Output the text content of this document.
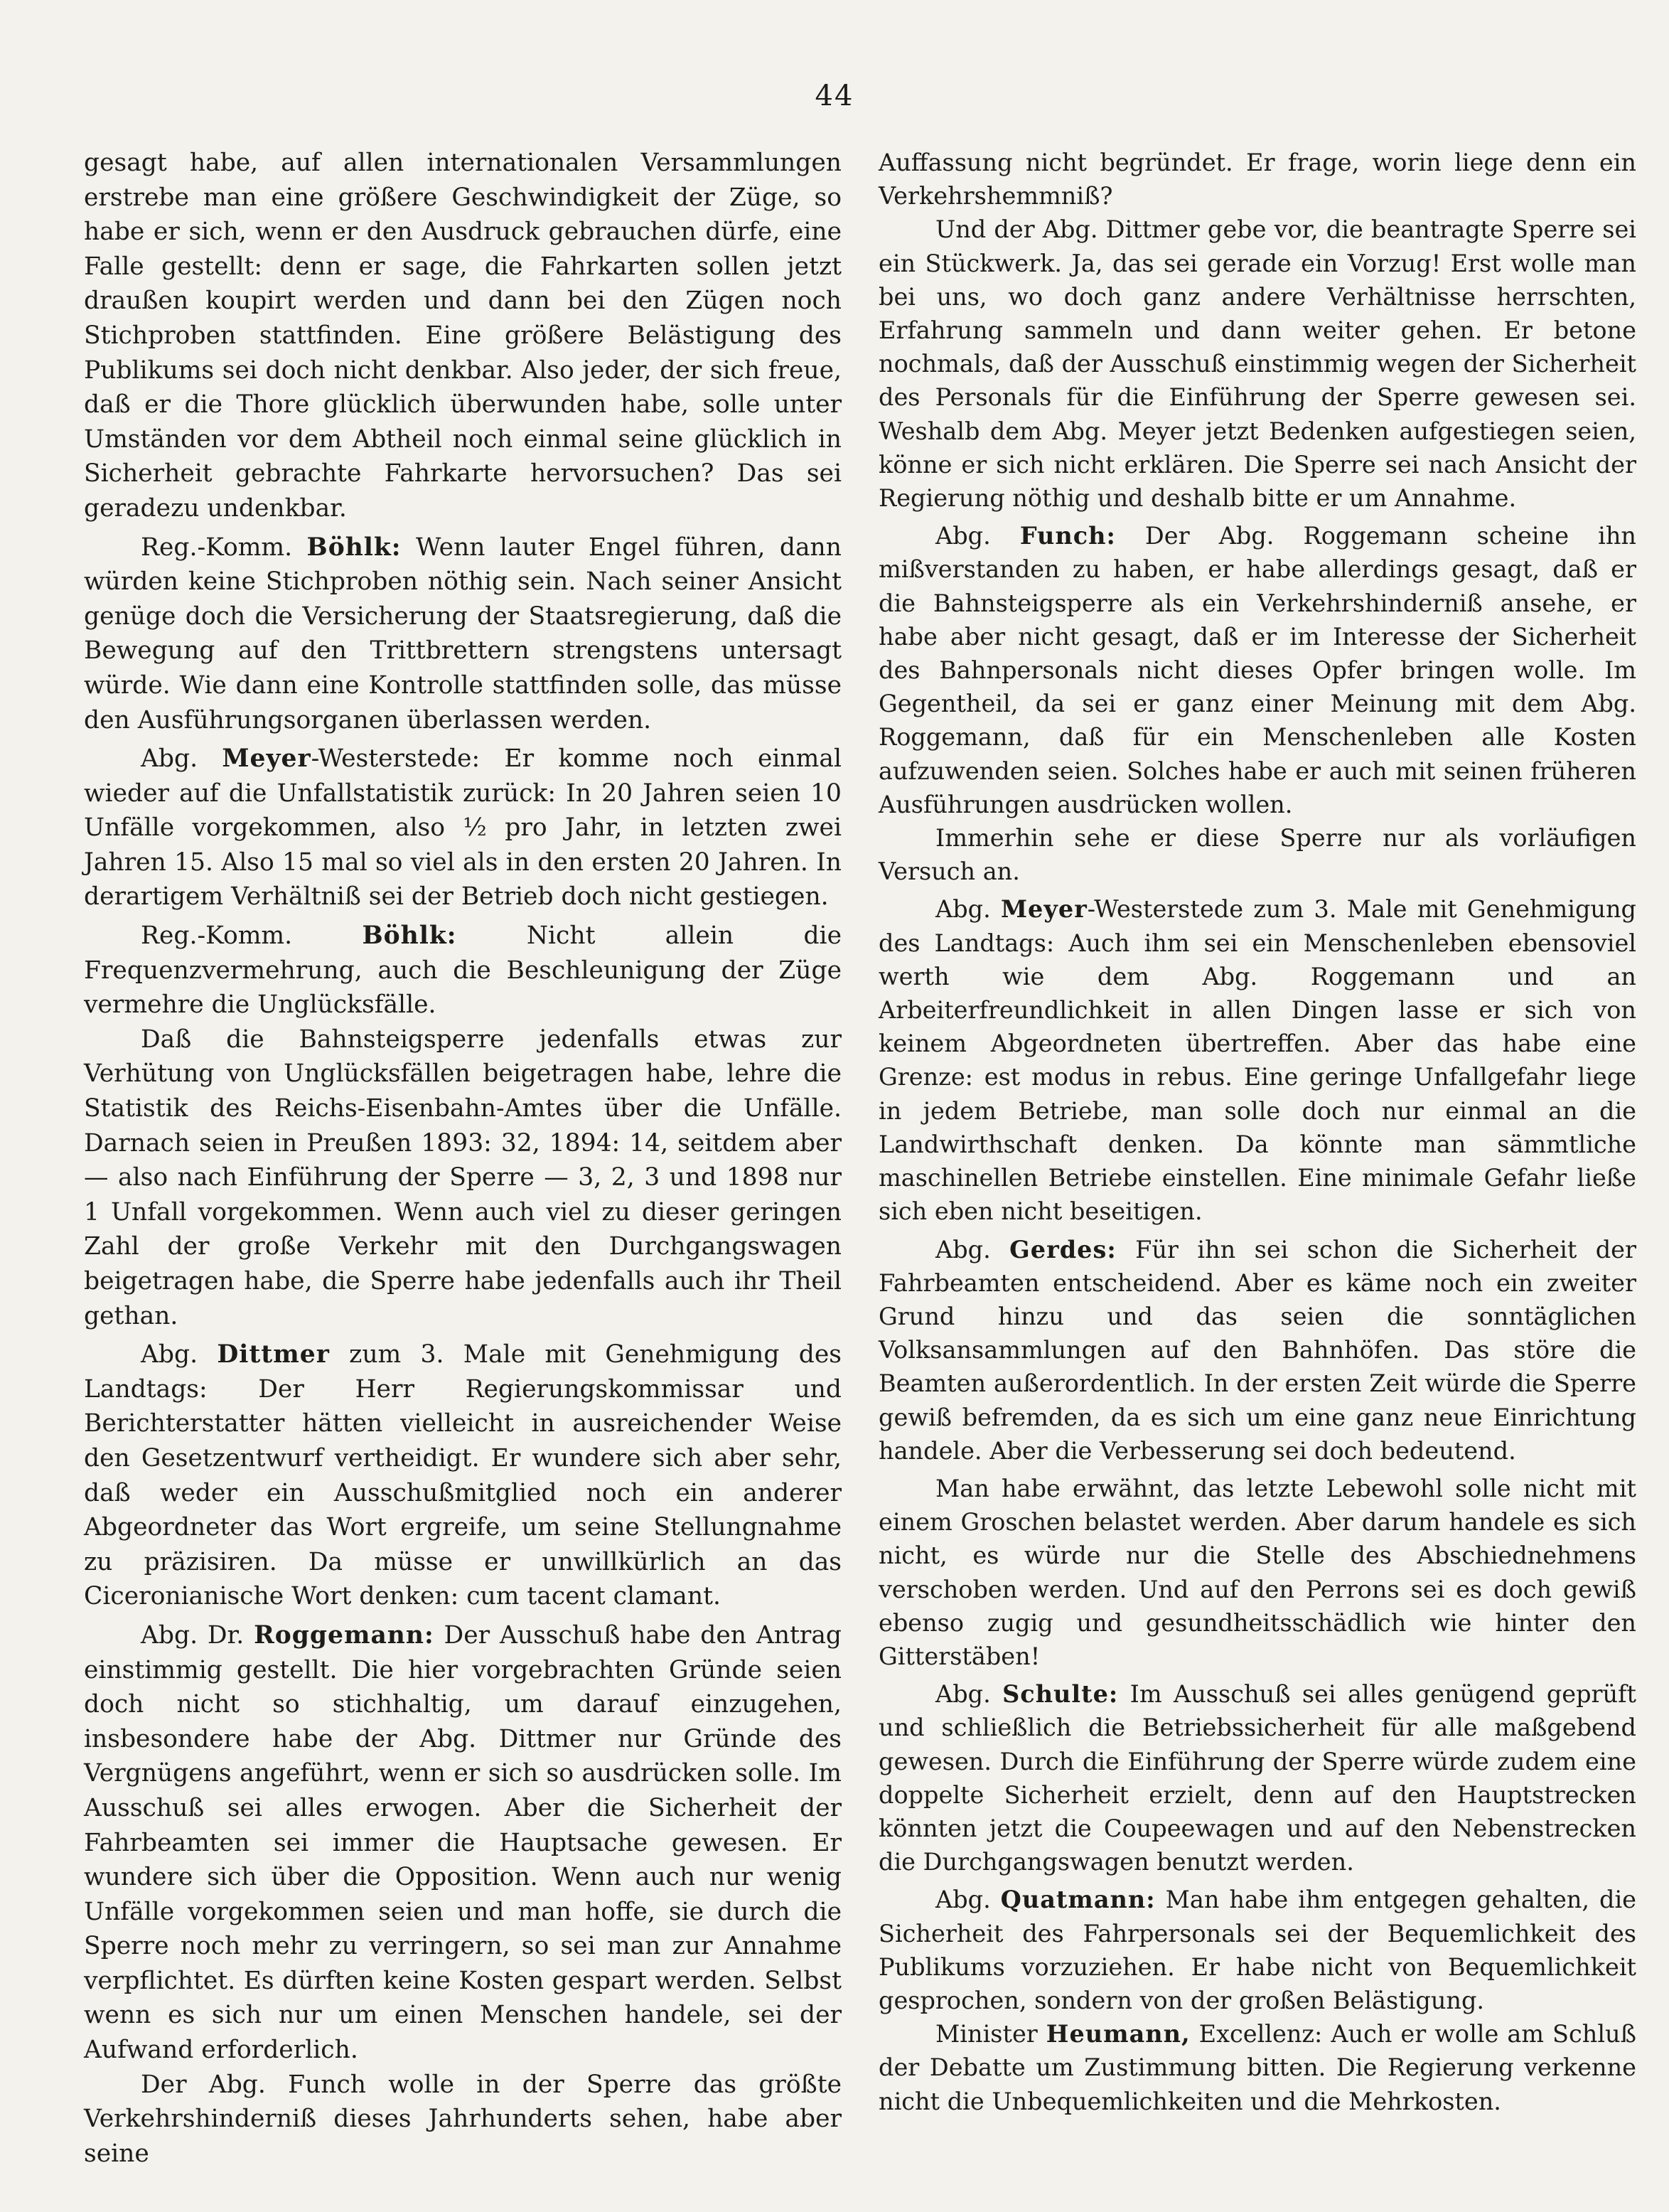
44

gesagt habe, auf allen internationalen Versammlungen erstrebe man eine größere Geschwindigkeit der Züge, so habe er sich, wenn er den Ausdruck gebrauchen dürfe, eine Falle gestellt: denn er sage, die Fahrkarten sollen jetzt draußen koupirt werden und dann bei den Zügen noch Stichproben stattfinden. Eine größere Belästigung des Publikums sei doch nicht denkbar. Also jeder, der sich freue, daß er die Thore glücklich überwunden habe, solle unter Umständen vor dem Abtheil noch einmal seine glücklich in Sicherheit gebrachte Fahrkarte hervorsuchen? Das sei geradezu undenkbar.

Reg.-Komm. Böhlk: Wenn lauter Engel führen, dann würden keine Stichproben nöthig sein. Nach seiner Ansicht genüge doch die Versicherung der Staatsregierung, daß die Bewegung auf den Trittbrettern strengstens untersagt würde. Wie dann eine Kontrolle stattfinden solle, das müsse den Ausführungsorganen überlassen werden.

Abg. Meyer-Westerstede: Er komme noch einmal wieder auf die Unfallstatistik zurück: In 20 Jahren seien 10 Unfälle vorgekommen, also ½ pro Jahr, in letzten zwei Jahren 15. Also 15 mal so viel als in den ersten 20 Jahren. In derartigem Verhältniß sei der Betrieb doch nicht gestiegen.

Reg.-Komm. Böhlk: Nicht allein die Frequenzvermehrung, auch die Beschleunigung der Züge vermehre die Unglücksfälle.

Daß die Bahnsteigsperre jedenfalls etwas zur Verhütung von Unglücksfällen beigetragen habe, lehre die Statistik des Reichs-Eisenbahn-Amtes über die Unfälle. Darnach seien in Preußen 1893: 32, 1894: 14, seitdem aber — also nach Einführung der Sperre — 3, 2, 3 und 1898 nur 1 Unfall vorgekommen. Wenn auch viel zu dieser geringen Zahl der große Verkehr mit den Durchgangswagen beigetragen habe, die Sperre habe jedenfalls auch ihr Theil gethan.

Abg. Dittmer zum 3. Male mit Genehmigung des Landtags: Der Herr Regierungskommissar und Berichterstatter hätten vielleicht in ausreichender Weise den Gesetzentwurf vertheidigt. Er wundere sich aber sehr, daß weder ein Ausschußmitglied noch ein anderer Abgeordneter das Wort ergreife, um seine Stellungnahme zu präzisiren. Da müsse er unwillkürlich an das Ciceronianische Wort denken: cum tacent clamant.

Abg. Dr. Roggemann: Der Ausschuß habe den Antrag einstimmig gestellt. Die hier vorgebrachten Gründe seien doch nicht so stichhaltig, um darauf einzugehen, insbesondere habe der Abg. Dittmer nur Gründe des Vergnügens angeführt, wenn er sich so ausdrücken solle. Im Ausschuß sei alles erwogen. Aber die Sicherheit der Fahrbeamten sei immer die Hauptsache gewesen. Er wundere sich über die Opposition. Wenn auch nur wenig Unfälle vorgekommen seien und man hoffe, sie durch die Sperre noch mehr zu verringern, so sei man zur Annahme verpflichtet. Es dürften keine Kosten gespart werden. Selbst wenn es sich nur um einen Menschen handele, sei der Aufwand erforderlich.

Der Abg. Funch wolle in der Sperre das größte Verkehrshinderniß dieses Jahrhunderts sehen, habe aber seine

Auffassung nicht begründet. Er frage, worin liege denn ein Verkehrshemmniß?

Und der Abg. Dittmer gebe vor, die beantragte Sperre sei ein Stückwerk. Ja, das sei gerade ein Vorzug! Erst wolle man bei uns, wo doch ganz andere Verhältnisse herrschten, Erfahrung sammeln und dann weiter gehen. Er betone nochmals, daß der Ausschuß einstimmig wegen der Sicherheit des Personals für die Einführung der Sperre gewesen sei. Weshalb dem Abg. Meyer jetzt Bedenken aufgestiegen seien, könne er sich nicht erklären. Die Sperre sei nach Ansicht der Regierung nöthig und deshalb bitte er um Annahme.

Abg. Funch: Der Abg. Roggemann scheine ihn mißverstanden zu haben, er habe allerdings gesagt, daß er die Bahnsteigsperre als ein Verkehrshinderniß ansehe, er habe aber nicht gesagt, daß er im Interesse der Sicherheit des Bahnpersonals nicht dieses Opfer bringen wolle. Im Gegentheil, da sei er ganz einer Meinung mit dem Abg. Roggemann, daß für ein Menschenleben alle Kosten aufzuwenden seien. Solches habe er auch mit seinen früheren Ausführungen ausdrücken wollen.

Immerhin sehe er diese Sperre nur als vorläufigen Versuch an.

Abg. Meyer-Westerstede zum 3. Male mit Genehmigung des Landtags: Auch ihm sei ein Menschenleben ebensoviel werth wie dem Abg. Roggemann und an Arbeiterfreundlichkeit in allen Dingen lasse er sich von keinem Abgeordneten übertreffen. Aber das habe eine Grenze: est modus in rebus. Eine geringe Unfallgefahr liege in jedem Betriebe, man solle doch nur einmal an die Landwirthschaft denken. Da könnte man sämmtliche maschinellen Betriebe einstellen. Eine minimale Gefahr ließe sich eben nicht beseitigen.

Abg. Gerdes: Für ihn sei schon die Sicherheit der Fahrbeamten entscheidend. Aber es käme noch ein zweiter Grund hinzu und das seien die sonntäglichen Volksansammlungen auf den Bahnhöfen. Das störe die Beamten außerordentlich. In der ersten Zeit würde die Sperre gewiß befremden, da es sich um eine ganz neue Einrichtung handele. Aber die Verbesserung sei doch bedeutend.

Man habe erwähnt, das letzte Lebewohl solle nicht mit einem Groschen belastet werden. Aber darum handele es sich nicht, es würde nur die Stelle des Abschiednehmens verschoben werden. Und auf den Perrons sei es doch gewiß ebenso zugig und gesundheitsschädlich wie hinter den Gitterstäben!

Abg. Schulte: Im Ausschuß sei alles genügend geprüft und schließlich die Betriebssicherheit für alle maßgebend gewesen. Durch die Einführung der Sperre würde zudem eine doppelte Sicherheit erzielt, denn auf den Hauptstrecken könnten jetzt die Coupeewagen und auf den Nebenstrecken die Durchgangswagen benutzt werden.

Abg. Quatmann: Man habe ihm entgegen gehalten, die Sicherheit des Fahrpersonals sei der Bequemlichkeit des Publikums vorzuziehen. Er habe nicht von Bequemlichkeit gesprochen, sondern von der großen Belästigung.

Minister Heumann, Excellenz: Auch er wolle am Schluß der Debatte um Zustimmung bitten. Die Regierung verkenne nicht die Unbequemlichkeiten und die Mehrkosten.
